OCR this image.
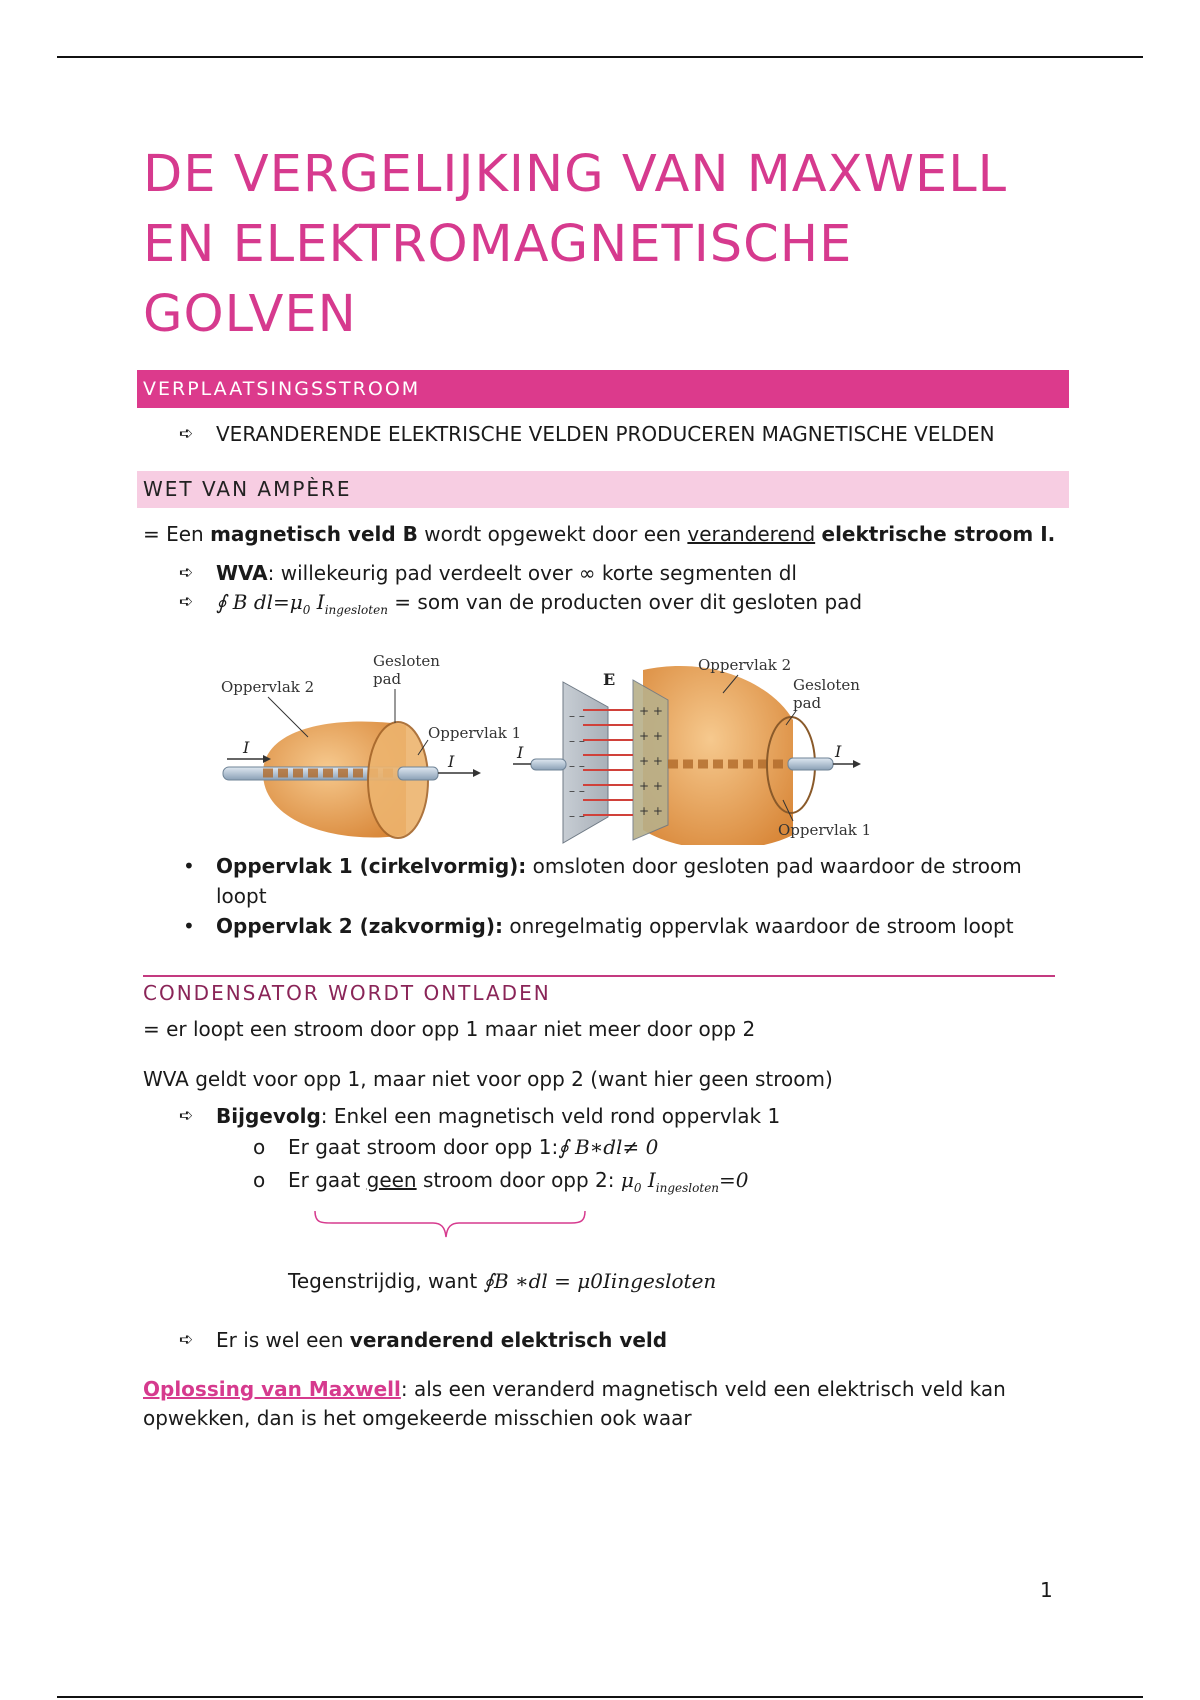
DE VERGELIJKING VAN MAXWELL EN ELEKTROMAGNETISCHE GOLVEN
VERPLAATSINGSSTROOM
➪ VERANDERENDE ELEKTRISCHE VELDEN PRODUCEREN MAGNETISCHE VELDEN
WET VAN AMPÈRE

= Een magnetisch veld B wordt opgewekt door een veranderend elektrische stroom I.

➪ WVA: willekeurig pad verdeelt over ∞ korte segmenten dl
➪ ∮ B $dl=\mu_0$ $I_{ingesloten}$ = som van de producten over dit gesloten pad
I
I
Oppervlak 2
Gesloten
pad
Oppervlak 1
– –
– –
– –
– –
– –
+ +
+ +
+ +
+ +
+ +
I	I
E
Oppervlak 2
Gesloten
pad
Oppervlak 1
• Oppervlak 1 (cirkelvormig): omsloten door gesloten pad waardoor de stroom loopt
• Oppervlak 2 (zakvormig): onregelmatig oppervlak waardoor de stroom loopt
CONDENSATOR WORDT ONTLADEN

= er loopt een stroom door opp 1 maar niet meer door opp 2

WVA geldt voor opp 1, maar niet voor opp 2 (want hier geen stroom)

➪ Bijgevolg: Enkel een magnetisch veld rond oppervlak 1
o Er gaat stroom door opp 1:∮ B∗dl≠ 0
o Er gaat geen stroom door opp 2: $\mu_0$ $I_{ingesloten}=0$

Tegenstrijdig, want ∮B ∗dl = μ0Iingesloten

➪ Er is wel een veranderend elektrisch veld

Oplossing van Maxwell: als een veranderd magnetisch veld een elektrisch veld kan opwekken, dan is het omgekeerde misschien ook waar

1
